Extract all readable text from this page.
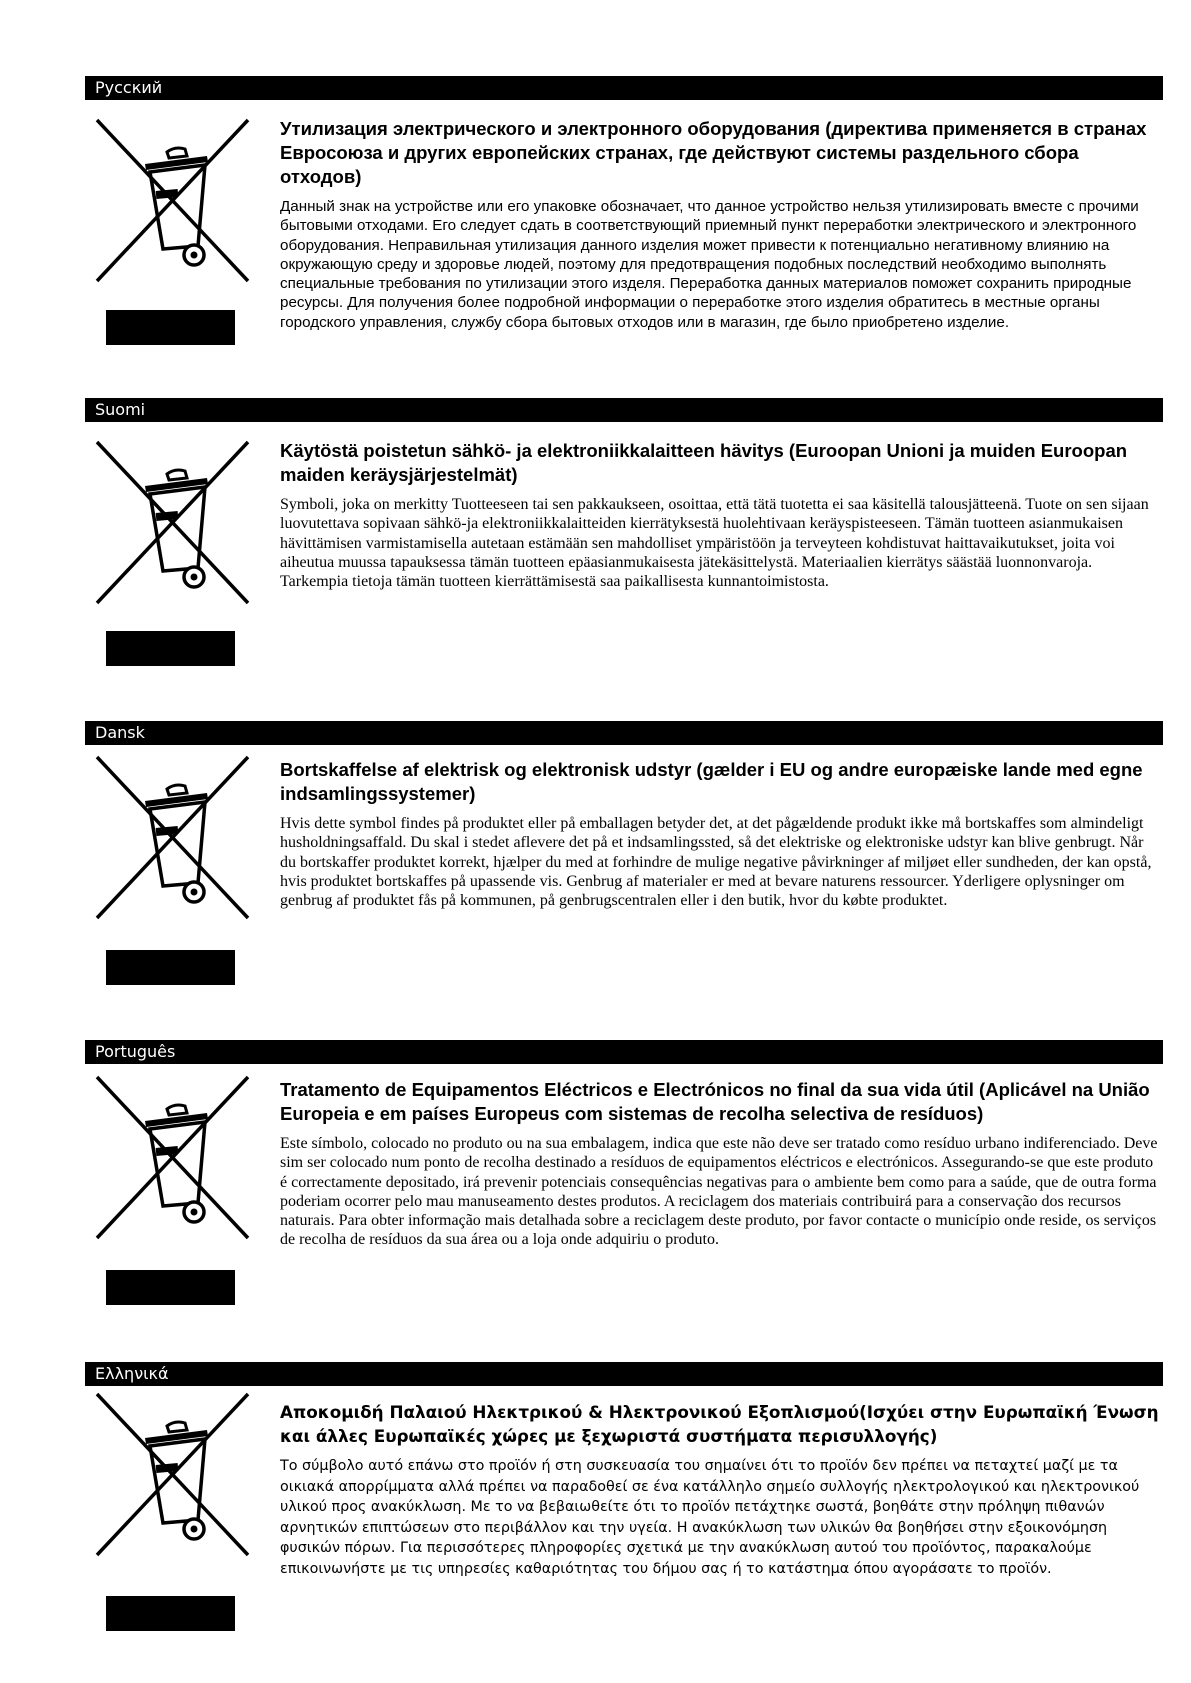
Русский

Утилизация электрического и электронного оборудования (директива применяется в странах Евросоюза и других европейских странах, где действуют системы раздельного сбора отходов)

Данный знак на устройстве или его упаковке обозначает, что данное устройство нельзя утилизировать вместе с прочими бытовыми отходами. Его следует сдать в соответствующий приемный пункт переработки электрического и электронного оборудования. Неправильная утилизация данного изделия может привести к потенциально негативному влиянию на окружающую среду и здоровье людей, поэтому для предотвращения подобных последствий необходимо выполнять специальные требования по утилизации этого изделя. Переработка данных материалов поможет сохранить природные ресурсы. Для получения более подробной информации о переработке этого изделия обратитесь в местные органы городского управления, службу сбора бытовых отходов или в магазин, где было приобретено изделие.

Suomi

Käytöstä poistetun sähkö- ja elektroniikkalaitteen hävitys (Euroopan Unioni ja muiden Euroopan maiden keräysjärjestelmät)

Symboli, joka on merkitty Tuotteeseen tai sen pakkaukseen, osoittaa, että tätä tuotetta ei saa käsitellä talousjätteenä. Tuote on sen sijaan luovutettava sopivaan sähkö-ja elektroniikkalaitteiden kierrätyksestä huolehtivaan keräyspisteeseen. Tämän tuotteen asianmukaisen hävittämisen varmistamisella autetaan estämään sen mahdolliset ympäristöön ja terveyteen kohdistuvat haittavaikutukset, joita voi aiheutua muussa tapauksessa tämän tuotteen epäasianmukaisesta jätekäsittelystä. Materiaalien kierrätys säästää luonnonvaroja. Tarkempia tietoja tämän tuotteen kierrättämisestä saa paikallisesta kunnantoimistosta.

Dansk

Bortskaffelse af elektrisk og elektronisk udstyr (gælder i EU og andre europæiske lande med egne indsamlingssystemer)

Hvis dette symbol findes på produktet eller på emballagen betyder det, at det pågældende produkt ikke må bortskaffes som almindeligt husholdningsaffald. Du skal i stedet aflevere det på et indsamlingssted, så det elektriske og elektroniske udstyr kan blive genbrugt. Når du bortskaffer produktet korrekt, hjælper du med at forhindre de mulige negative påvirkninger af miljøet eller sundheden, der kan opstå, hvis produktet bortskaffes på upassende vis. Genbrug af materialer er med at bevare naturens ressourcer. Yderligere oplysninger om genbrug af produktet fås på kommunen, på genbrugscentralen eller i den butik, hvor du købte produktet.

Português

Tratamento de Equipamentos Eléctricos e Electrónicos no final da sua vida útil (Aplicável na União Europeia e em países Europeus com sistemas de recolha selectiva de resíduos)

Este símbolo, colocado no produto ou na sua embalagem, indica que este não deve ser tratado como resíduo urbano indiferenciado. Deve sim ser colocado num ponto de recolha destinado a resíduos de equipamentos eléctricos e electrónicos. Assegurando-se que este produto é correctamente depositado, irá prevenir potenciais consequências negativas para o ambiente bem como para a saúde, que de outra forma poderiam ocorrer pelo mau manuseamento destes produtos. A reciclagem dos materiais contribuirá para a conservação dos recursos naturais. Para obter informação mais detalhada sobre a reciclagem deste produto, por favor contacte o município onde reside, os serviços de recolha de resíduos da sua área ou a loja onde adquiriu o produto.

Ελληνικά

Αποκομιδή Παλαιού Ηλεκτρικού & Ηλεκτρονικού Εξοπλισμού(Ισχύει στην Ευρωπαϊκή Ένωση και άλλες Ευρωπαϊκές χώρες με ξεχωριστά συστήματα περισυλλογής)

Το σύμβολο αυτό επάνω στο προϊόν ή στη συσκευασία του σημαίνει ότι το προϊόν δεν πρέπει να πεταχτεί μαζί με τα οικιακά απορρίμματα αλλά πρέπει να παραδοθεί σε ένα κατάλληλο σημείο συλλογής ηλεκτρολογικού και ηλεκτρονικού υλικού προς ανακύκλωση. Με το να βεβαιωθείτε ότι το προϊόν πετάχτηκε σωστά, βοηθάτε στην πρόληψη πιθανών αρνητικών επιπτώσεων στο περιβάλλον και την υγεία. Η ανακύκλωση των υλικών θα βοηθήσει στην εξοικονόμηση φυσικών πόρων. Για περισσότερες πληροφορίες σχετικά με την ανακύκλωση αυτού του προϊόντος, παρακαλούμε επικοινωνήστε με τις υπηρεσίες καθαριότητας του δήμου σας ή το κατάστημα όπου αγοράσατε το προϊόν.
